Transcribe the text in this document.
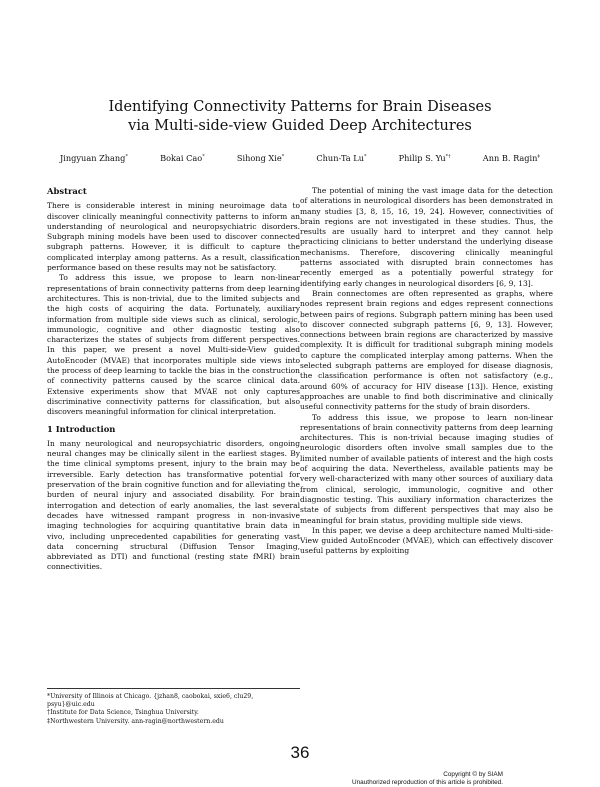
Identifying Connectivity Patterns for Brain Diseases
via Multi-side-view Guided Deep Architectures
Jingyuan Zhang*	Bokai Cao*	Sihong Xie*	Chun-Ta Lu*	Philip S. Yu*†	Ann B. Ragin‡
Abstract

There is considerable interest in mining neuroimage data to discover clinically meaningful connectivity patterns to inform an understanding of neurological and neuropsychiatric disorders. Subgraph mining models have been used to discover connected subgraph patterns. However, it is difficult to capture the complicated interplay among patterns. As a result, classification performance based on these results may not be satisfactory.

To address this issue, we propose to learn non-linear representations of brain connectivity patterns from deep learning architectures. This is non-trivial, due to the limited subjects and the high costs of acquiring the data. Fortunately, auxiliary information from multiple side views such as clinical, serologic, immunologic, cognitive and other diagnostic testing also characterizes the states of subjects from different perspectives. In this paper, we present a novel Multi-side-View guided AutoEncoder (MVAE) that incorporates multiple side views into the process of deep learning to tackle the bias in the construction of connectivity patterns caused by the scarce clinical data. Extensive experiments show that MVAE not only captures discriminative connectivity patterns for classification, but also discovers meaningful information for clinical interpretation.

1 Introduction

In many neurological and neuropsychiatric disorders, ongoing neural changes may be clinically silent in the earliest stages. By the time clinical symptoms present, injury to the brain may be irreversible. Early detection has transformative potential for preservation of the brain cognitive function and for alleviating the burden of neural injury and associated disability. For brain interrogation and detection of early anomalies, the last several decades have witnessed rampant progress in non-invasive imaging technologies for acquiring quantitative brain data in vivo, including unprecedented capabilities for generating vast data concerning structural (Diffusion Tensor Imaging, abbreviated as DTI) and functional (resting state fMRI) brain connectivities.

The potential of mining the vast image data for the detection of alterations in neurological disorders has been demonstrated in many studies [3, 8, 15, 16, 19, 24]. However, connectivities of brain regions are not investigated in these studies. Thus, the results are usually hard to interpret and they cannot help practicing clinicians to better understand the underlying disease mechanisms. Therefore, discovering clinically meaningful patterns associated with disrupted brain connectomes has recently emerged as a potentially powerful strategy for identifying early changes in neurological disorders [6, 9, 13].

Brain connectomes are often represented as graphs, where nodes represent brain regions and edges represent connections between pairs of regions. Subgraph pattern mining has been used to discover connected subgraph patterns [6, 9, 13]. However, connections between brain regions are characterized by massive complexity. It is difficult for traditional subgraph mining models to capture the complicated interplay among patterns. When the selected subgraph patterns are employed for disease diagnosis, the classification performance is often not satisfactory (e.g., around 60% of accuracy for HIV disease [13]). Hence, existing approaches are unable to find both discriminative and clinically useful connectivity patterns for the study of brain disorders.

To address this issue, we propose to learn non-linear representations of brain connectivity patterns from deep learning architectures. This is non-trivial because imaging studies of neurologic disorders often involve small samples due to the limited number of available patients of interest and the high costs of acquiring the data. Nevertheless, available patients may be very well-characterized with many other sources of auxiliary data from clinical, serologic, immunologic, cognitive and other diagnostic testing. This auxiliary information characterizes the state of subjects from different perspectives that may also be meaningful for brain status, providing multiple side views.

In this paper, we devise a deep architecture named Multi-side-View guided AutoEncoder (MVAE), which can effectively discover useful patterns by exploiting

*University of Illinois at Chicago. {jzhan8, caobokai, sxie6, clu29, psyu}@uic.edu
†Institute for Data Science, Tsinghua University.
‡Northwestern University. ann-ragin@northwestern.edu
36
Copyright © by SIAM
Unauthorized reproduction of this article is prohibited.
